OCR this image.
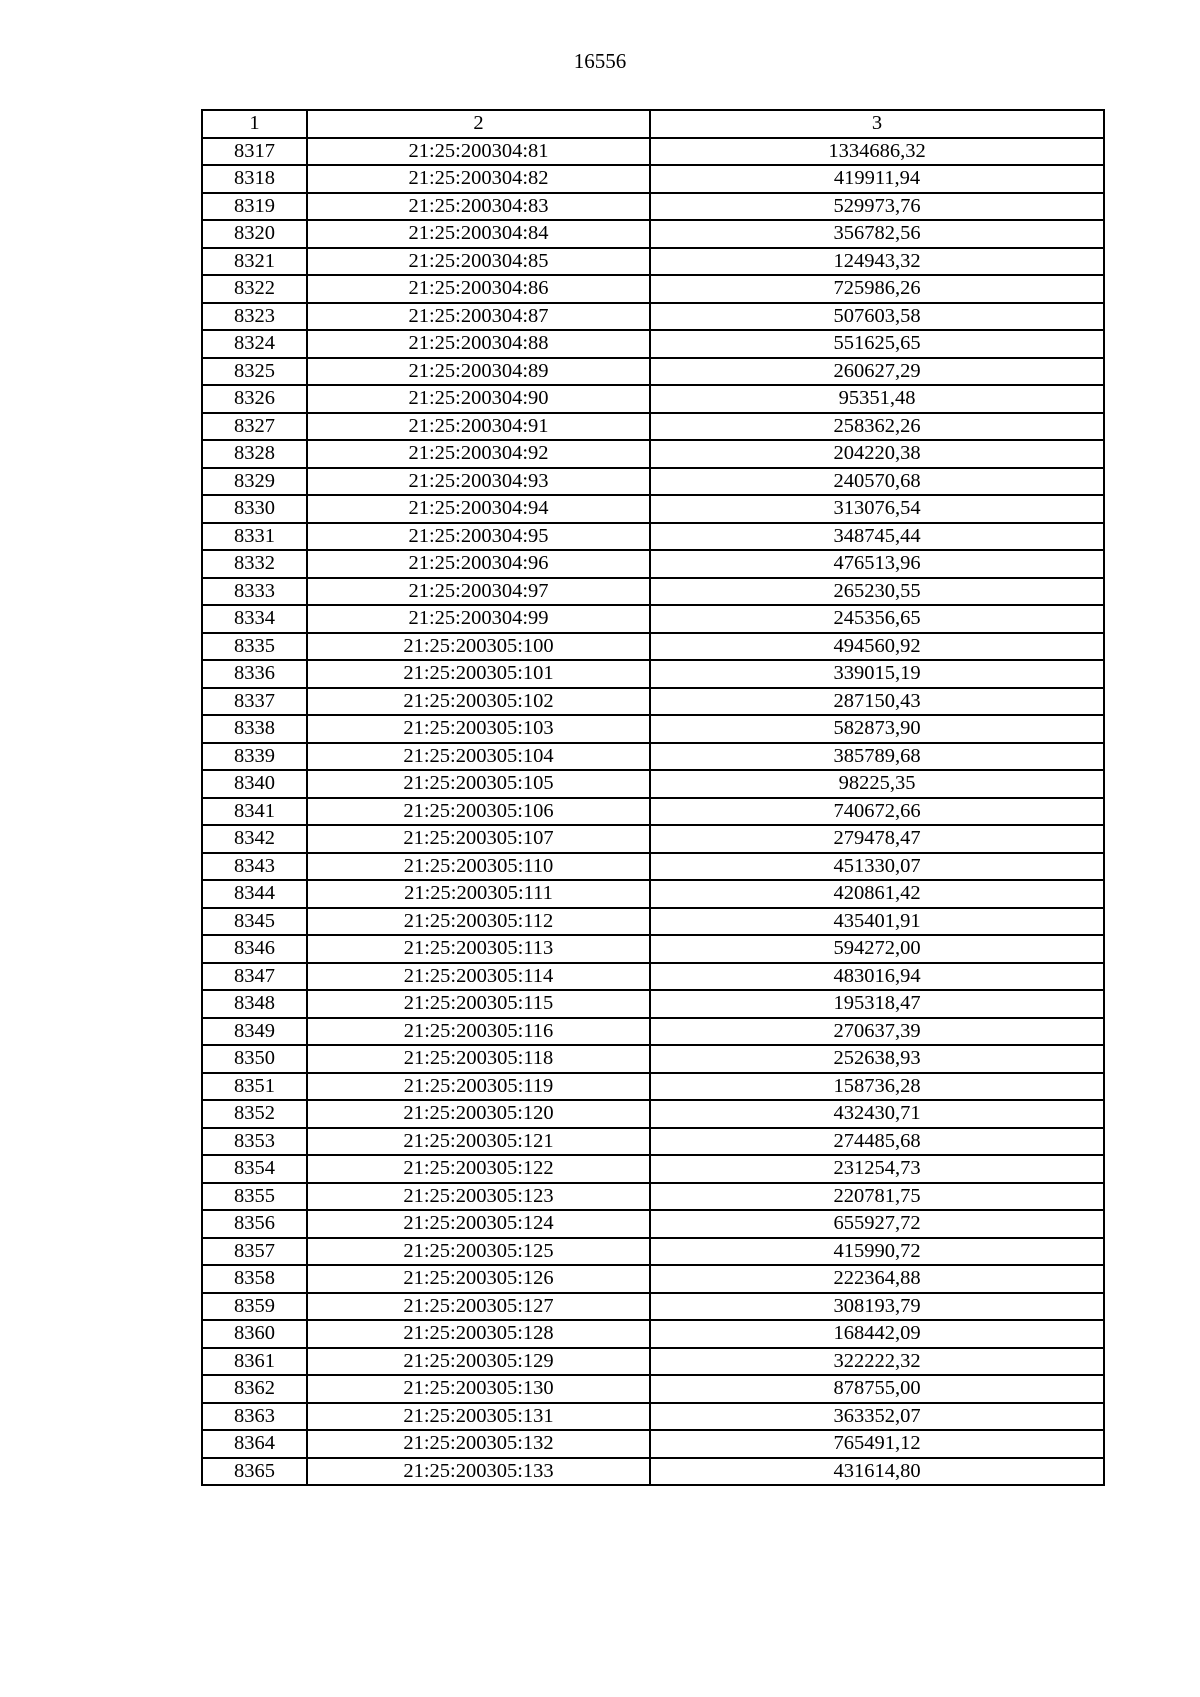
16556
1	2	3
8317	21:25:200304:81	1334686,32
8318	21:25:200304:82	419911,94
8319	21:25:200304:83	529973,76
8320	21:25:200304:84	356782,56
8321	21:25:200304:85	124943,32
8322	21:25:200304:86	725986,26
8323	21:25:200304:87	507603,58
8324	21:25:200304:88	551625,65
8325	21:25:200304:89	260627,29
8326	21:25:200304:90	95351,48
8327	21:25:200304:91	258362,26
8328	21:25:200304:92	204220,38
8329	21:25:200304:93	240570,68
8330	21:25:200304:94	313076,54
8331	21:25:200304:95	348745,44
8332	21:25:200304:96	476513,96
8333	21:25:200304:97	265230,55
8334	21:25:200304:99	245356,65
8335	21:25:200305:100	494560,92
8336	21:25:200305:101	339015,19
8337	21:25:200305:102	287150,43
8338	21:25:200305:103	582873,90
8339	21:25:200305:104	385789,68
8340	21:25:200305:105	98225,35
8341	21:25:200305:106	740672,66
8342	21:25:200305:107	279478,47
8343	21:25:200305:110	451330,07
8344	21:25:200305:111	420861,42
8345	21:25:200305:112	435401,91
8346	21:25:200305:113	594272,00
8347	21:25:200305:114	483016,94
8348	21:25:200305:115	195318,47
8349	21:25:200305:116	270637,39
8350	21:25:200305:118	252638,93
8351	21:25:200305:119	158736,28
8352	21:25:200305:120	432430,71
8353	21:25:200305:121	274485,68
8354	21:25:200305:122	231254,73
8355	21:25:200305:123	220781,75
8356	21:25:200305:124	655927,72
8357	21:25:200305:125	415990,72
8358	21:25:200305:126	222364,88
8359	21:25:200305:127	308193,79
8360	21:25:200305:128	168442,09
8361	21:25:200305:129	322222,32
8362	21:25:200305:130	878755,00
8363	21:25:200305:131	363352,07
8364	21:25:200305:132	765491,12
8365	21:25:200305:133	431614,80
